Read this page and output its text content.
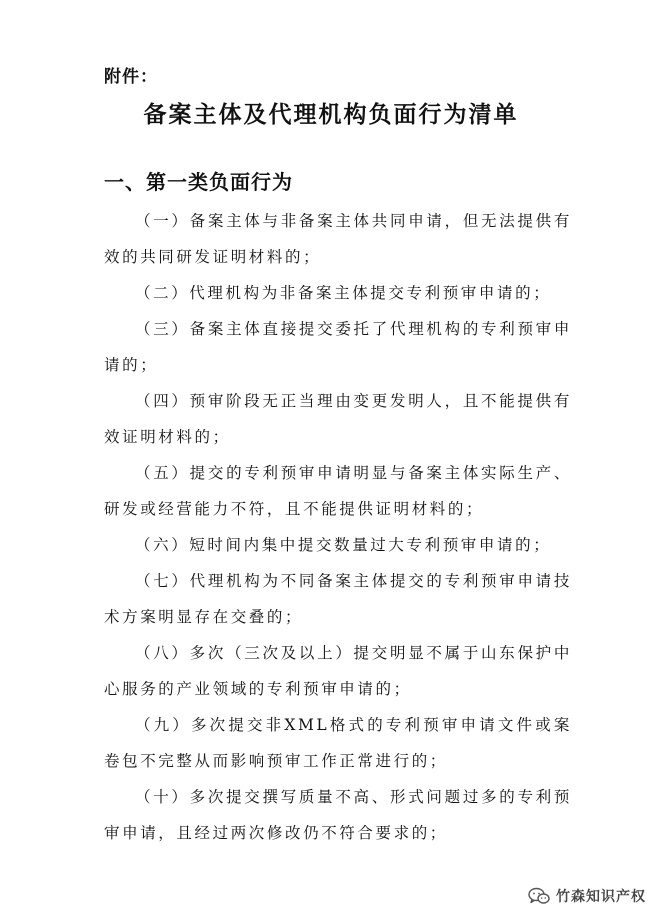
附件：
备案主体及代理机构负面行为清单
一、第一类负面行为

（一）备案主体与非备案主体共同申请，但无法提供有效的共同研发证明材料的；

（二）代理机构为非备案主体提交专利预审申请的；

（三）备案主体直接提交委托了代理机构的专利预审申请的；

（四）预审阶段无正当理由变更发明人，且不能提供有效证明材料的；

（五）提交的专利预审申请明显与备案主体实际生产、研发或经营能力不符，且不能提供证明材料的；

（六）短时间内集中提交数量过大专利预审申请的；

（七）代理机构为不同备案主体提交的专利预审申请技术方案明显存在交叠的；

（八）多次（三次及以上）提交明显不属于山东保护中心服务的产业领域的专利预审申请的；

（九）多次提交非XML格式的专利预审申请文件或案卷包不完整从而影响预审工作正常进行的；

（十）多次提交撰写质量不高、形式问题过多的专利预审申请，且经过两次修改仍不符合要求的；

竹森知识产权
